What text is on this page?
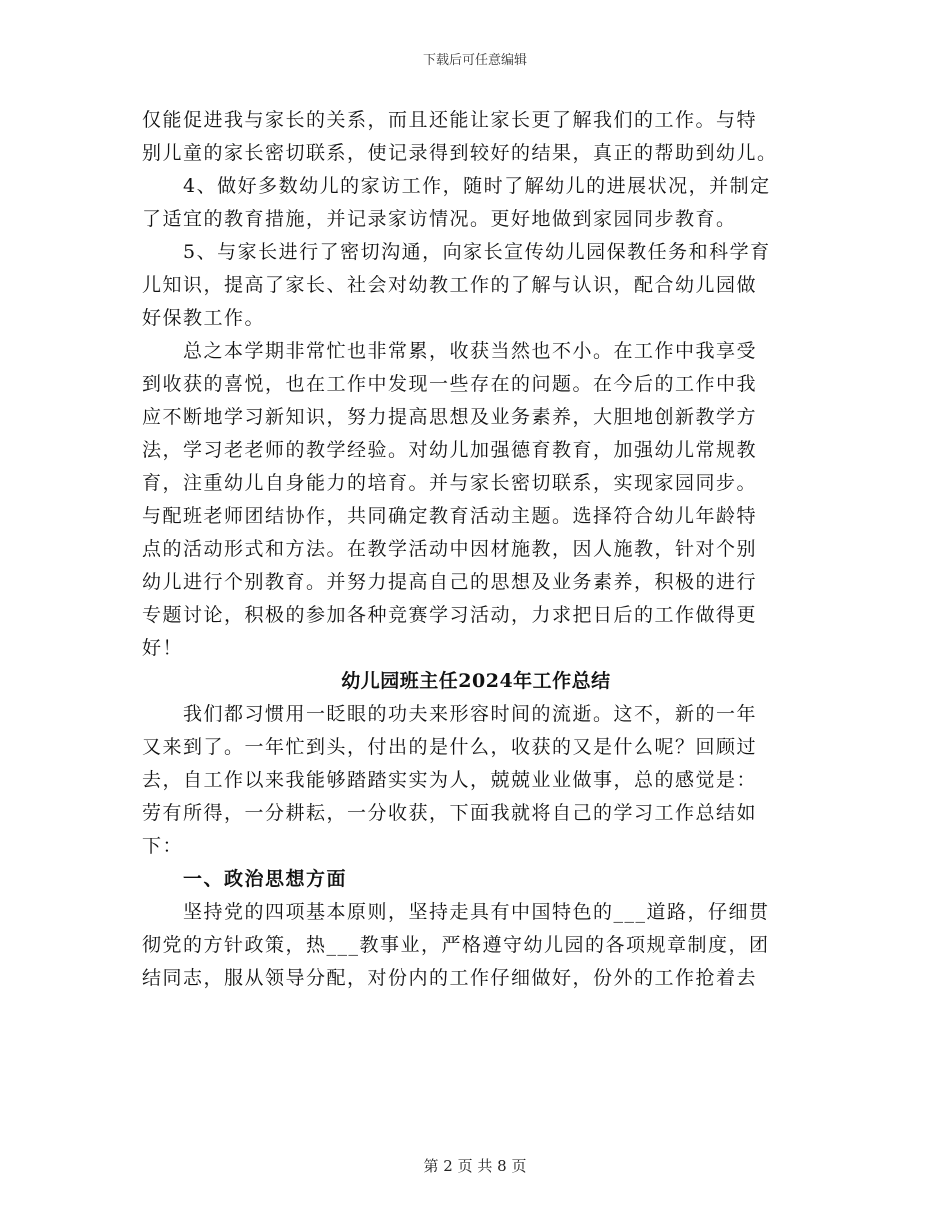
下载后可任意编辑
仅能促进我与家长的关系，而且还能让家长更了解我们的工作。与特
别儿童的家长密切联系，使记录得到较好的结果，真正的帮助到幼儿。
　　4、做好多数幼儿的家访工作，随时了解幼儿的进展状况，并制定
了适宜的教育措施，并记录家访情况。更好地做到家园同步教育。
　　5、与家长进行了密切沟通，向家长宣传幼儿园保教任务和科学育
儿知识，提高了家长、社会对幼教工作的了解与认识，配合幼儿园做
好保教工作。
　　总之本学期非常忙也非常累，收获当然也不小。在工作中我享受
到收获的喜悦，也在工作中发现一些存在的问题。在今后的工作中我
应不断地学习新知识，努力提高思想及业务素养，大胆地创新教学方
法，学习老老师的教学经验。对幼儿加强德育教育，加强幼儿常规教
育，注重幼儿自身能力的培育。并与家长密切联系，实现家园同步。
与配班老师团结协作，共同确定教育活动主题。选择符合幼儿年龄特
点的活动形式和方法。在教学活动中因材施教，因人施教，针对个别
幼儿进行个别教育。并努力提高自己的思想及业务素养，积极的进行
专题讨论，积极的参加各种竞赛学习活动，力求把日后的工作做得更
好！
幼儿园班主任2024年工作总结
　　我们都习惯用一眨眼的功夫来形容时间的流逝。这不，新的一年
又来到了。一年忙到头，付出的是什么，收获的又是什么呢？回顾过
去，自工作以来我能够踏踏实实为人，兢兢业业做事，总的感觉是：
劳有所得，一分耕耘，一分收获，下面我就将自己的学习工作总结如
下：
　　一、政治思想方面
　　坚持党的四项基本原则，坚持走具有中国特色的___道路，仔细贯
彻党的方针政策，热___教事业，严格遵守幼儿园的各项规章制度，团
结同志，服从领导分配，对份内的工作仔细做好，份外的工作抢着去
第 2 页 共 8 页
